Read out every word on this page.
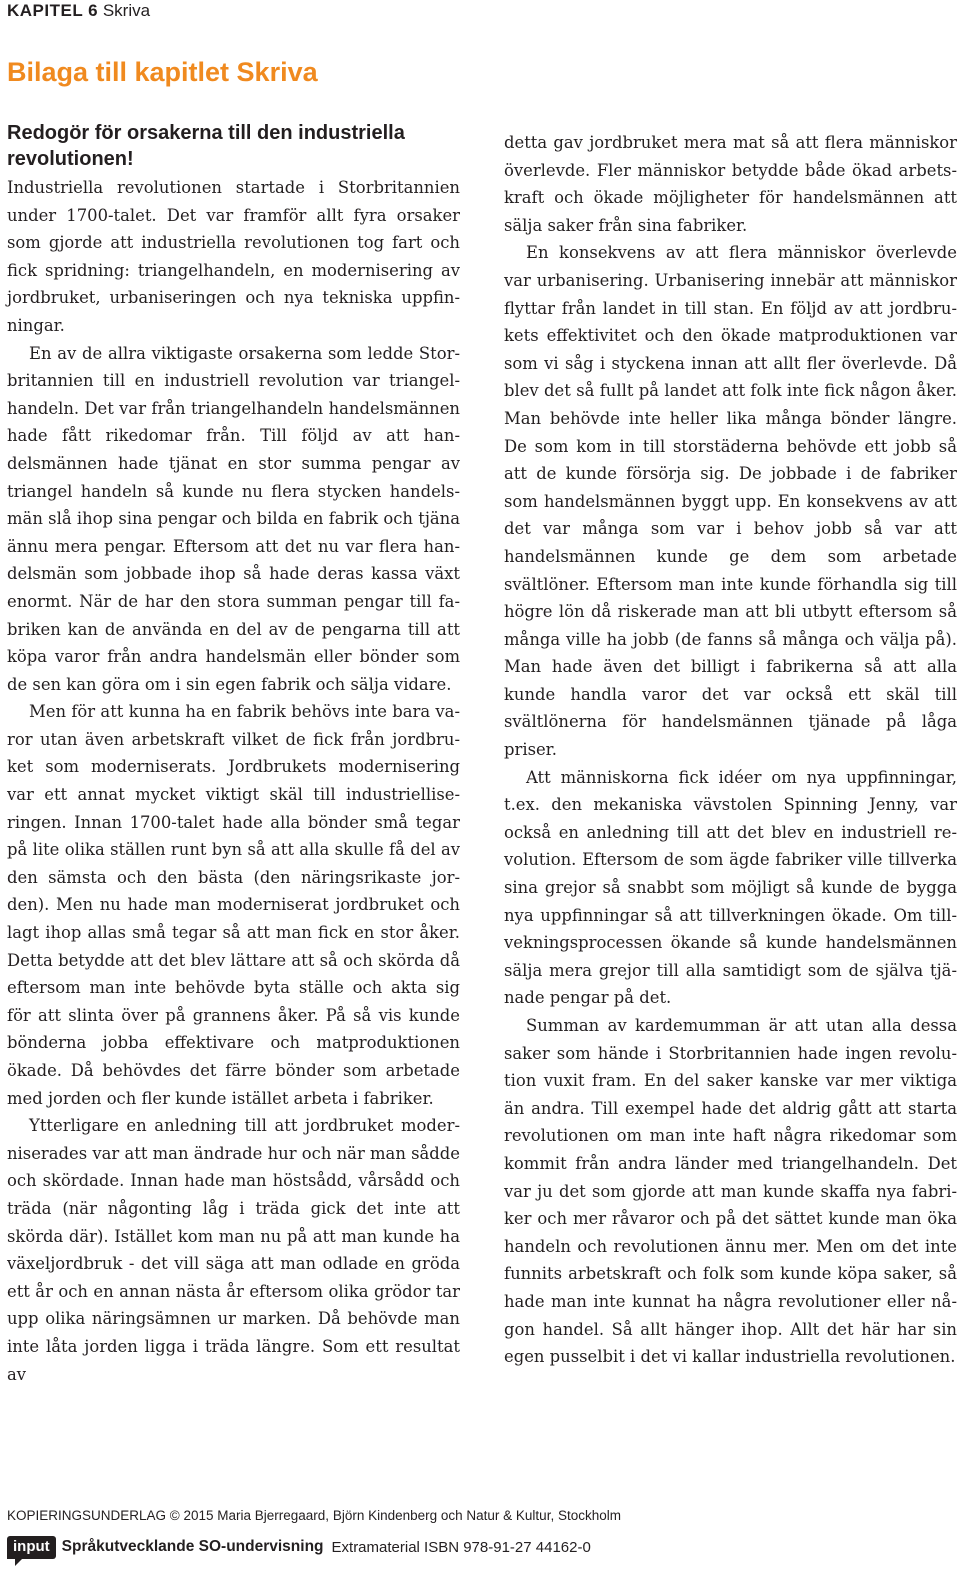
KAPITEL 6 Skriva
Bilaga till kapitlet Skriva
Redogör för orsakerna till den industriella revolutionen!

Industriella revolutionen startade i Storbritannien under 1700-talet. Det var framför allt fyra orsaker som gjorde att industriella revolutionen tog fart och fick spridning: triangelhandeln, en modernisering av jordbruket, urbaniseringen och nya tekniska uppfinningar.

En av de allra viktigaste orsakerna som ledde Storbritannien till en industriell revolution var triangelhandeln. Det var från triangelhandeln handelsmännen hade fått rikedomar från. Till följd av att handelsmännen hade tjänat en stor summa pengar av triangel handeln så kunde nu flera stycken handelsmän slå ihop sina pengar och bilda en fabrik och tjäna ännu mera pengar. Eftersom att det nu var flera handelsmän som jobbade ihop så hade deras kassa växt enormt. När de har den stora summan pengar till fabriken kan de använda en del av de pengarna till att köpa varor från andra handelsmän eller bönder som de sen kan göra om i sin egen fabrik och sälja vidare.

Men för att kunna ha en fabrik behövs inte bara varor utan även arbetskraft vilket de fick från jordbruket som moderniserats. Jordbrukets modernisering var ett annat mycket viktigt skäl till industrielliseringen. Innan 1700-talet hade alla bönder små tegar på lite olika ställen runt byn så att alla skulle få del av den sämsta och den bästa (den näringsrikaste jorden). Men nu hade man moderniserat jordbruket och lagt ihop allas små tegar så att man fick en stor åker. Detta betydde att det blev lättare att så och skörda då eftersom man inte behövde byta ställe och akta sig för att slinta över på grannens åker. På så vis kunde bönderna jobba effektivare och matproduktionen ökade. Då behövdes det färre bönder som arbetade med jorden och fler kunde istället arbeta i fabriker.

Ytterligare en anledning till att jordbruket moderniserades var att man ändrade hur och när man sådde och skördade. Innan hade man höstsådd, vårsådd och träda (när någonting låg i träda gick det inte att skörda där). Istället kom man nu på att man kunde ha växeljordbruk - det vill säga att man odlade en gröda ett år och en annan nästa år eftersom olika grödor tar upp olika näringsämnen ur marken. Då behövde man inte låta jorden ligga i träda längre. Som ett resultat av

detta gav jordbruket mera mat så att flera människor överlevde. Fler människor betydde både ökad arbetskraft och ökade möjligheter för handelsmännen att sälja saker från sina fabriker.

En konsekvens av att flera människor överlevde var urbanisering. Urbanisering innebär att människor flyttar från landet in till stan. En följd av att jordbrukets effektivitet och den ökade matproduktionen var som vi såg i styckena innan att allt fler överlevde. Då blev det så fullt på landet att folk inte fick någon åker. Man behövde inte heller lika många bönder längre. De som kom in till storstäderna behövde ett jobb så att de kunde försörja sig. De jobbade i de fabriker som handelsmännen byggt upp. En konsekvens av att det var många som var i behov jobb så var att handelsmännen kunde ge dem som arbetade svältlöner. Eftersom man inte kunde förhandla sig till högre lön då riskerade man att bli utbytt eftersom så många ville ha jobb (de fanns så många och välja på). Man hade även det billigt i fabrikerna så att alla kunde handla varor det var också ett skäl till svältlönerna för handelsmännen tjänade på låga priser.

Att människorna fick idéer om nya uppfinningar, t.ex. den mekaniska vävstolen Spinning Jenny, var också en anledning till att det blev en industriell revolution. Eftersom de som ägde fabriker ville tillverka sina grejor så snabbt som möjligt så kunde de bygga nya uppfinningar så att tillverkningen ökade. Om tillvekningsprocessen ökande så kunde handelsmännen sälja mera grejor till alla samtidigt som de själva tjänade pengar på det.

Summan av kardemumman är att utan alla dessa saker som hände i Storbritannien hade ingen revolution vuxit fram. En del saker kanske var mer viktiga än andra. Till exempel hade det aldrig gått att starta revolutionen om man inte haft några rikedomar som kommit från andra länder med triangelhandeln. Det var ju det som gjorde att man kunde skaffa nya fabriker och mer råvaror och på det sättet kunde man öka handeln och revolutionen ännu mer. Men om det inte funnits arbetskraft och folk som kunde köpa saker, så hade man inte kunnat ha några revolutioner eller någon handel. Så allt hänger ihop. Allt det här har sin egen pusselbit i det vi kallar industriella revolutionen.

KOPIERINGSUNDERLAG © 2015 Maria Bjerregaard, Björn Kindenberg och Natur & Kultur, Stockholm
input Språkutvecklande SO-undervisning Extramaterial ISBN 978-91-27 44162-0
